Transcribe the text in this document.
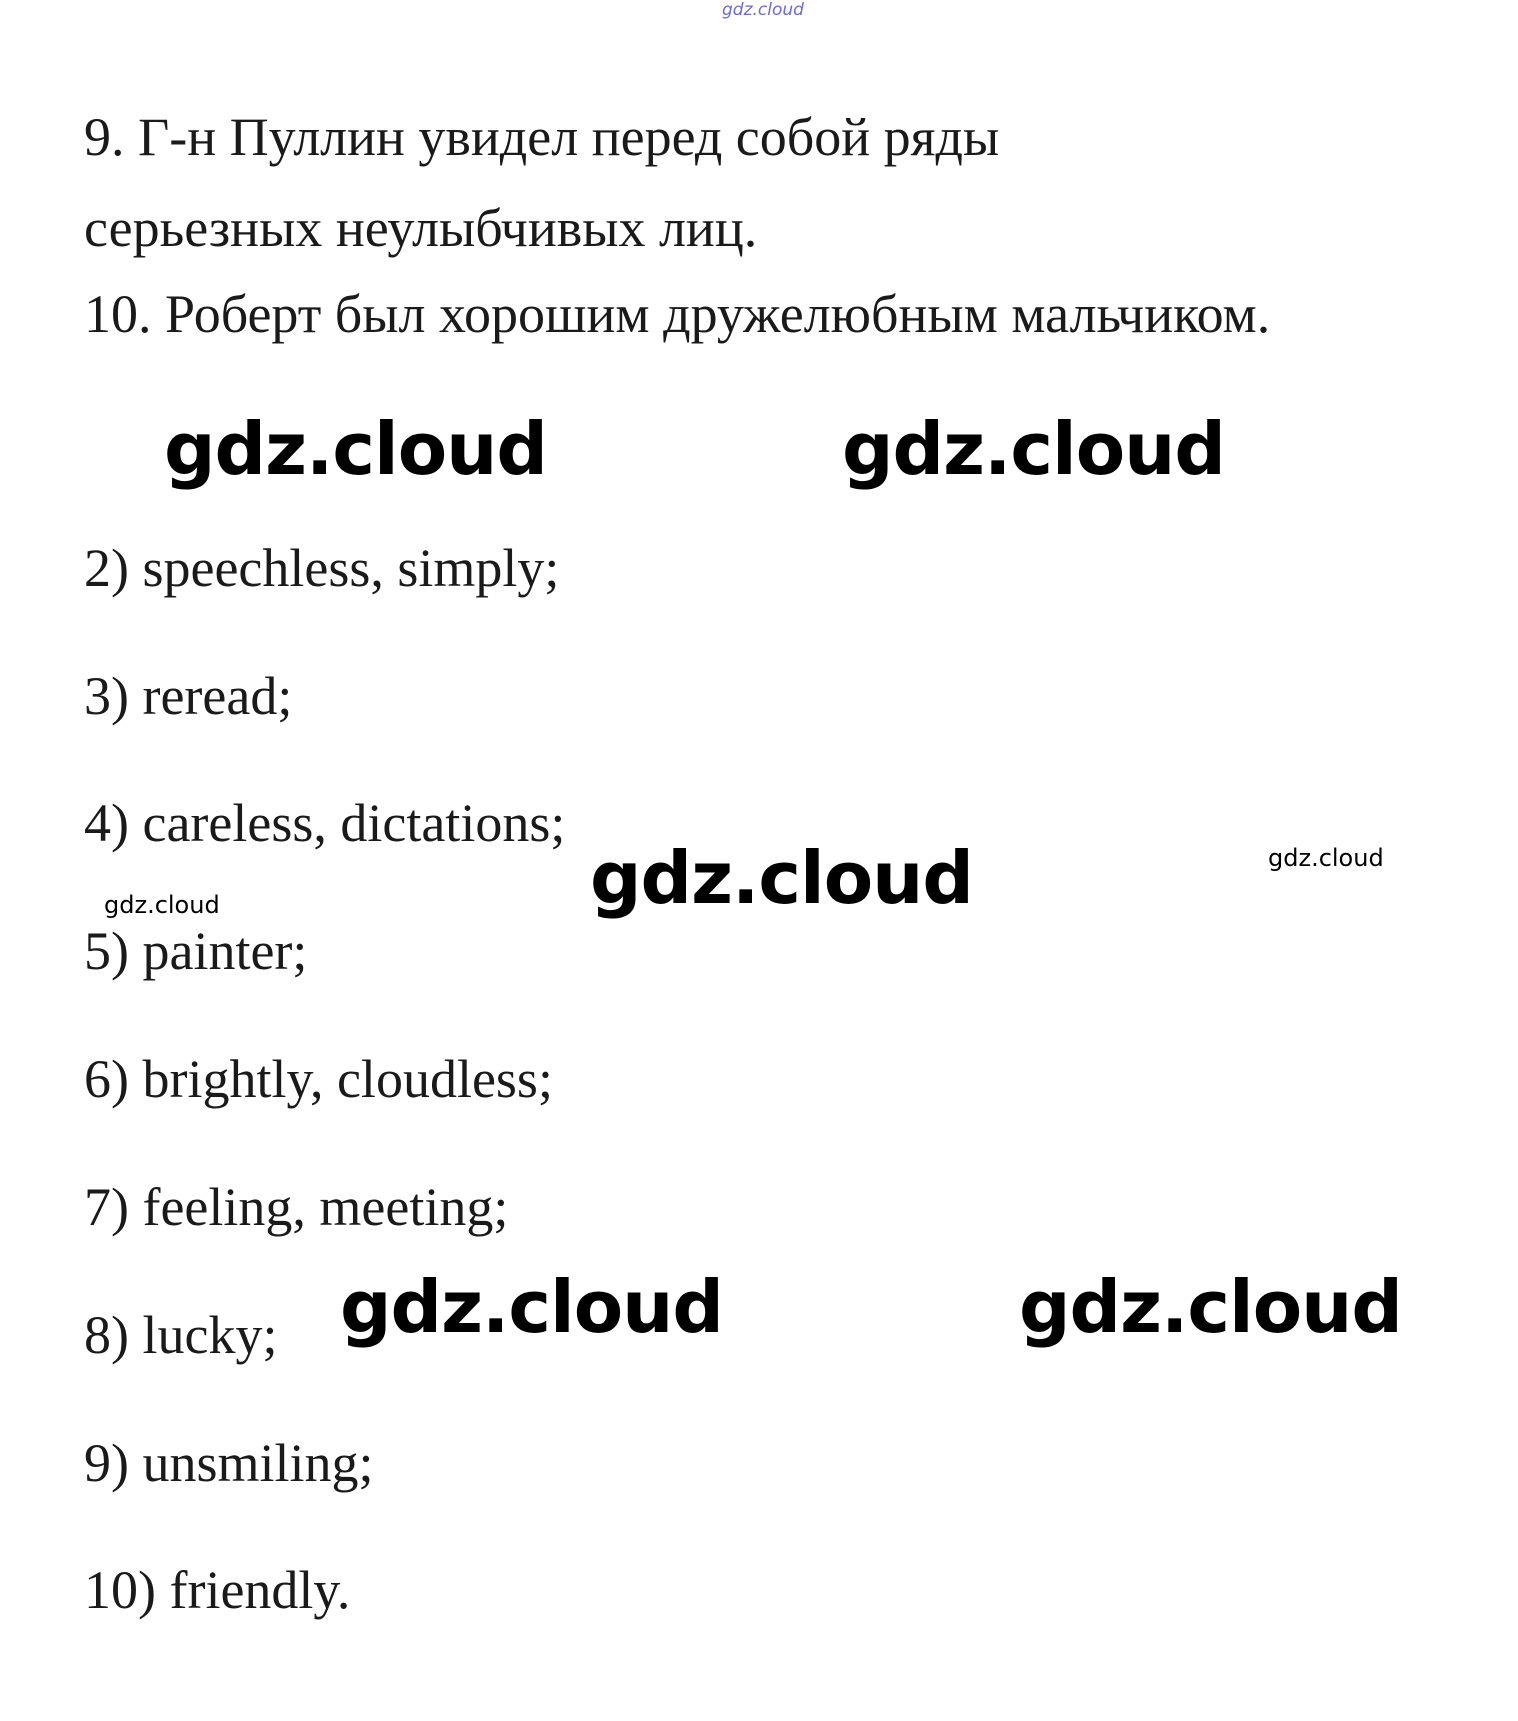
gdz.cloud
9. Г-н Пуллин увидел перед собой ряды
серьезных неулыбчивых лиц.
10. Роберт был хорошим дружелюбным мальчиком.
gdz.cloud	gdz.cloud
2) speechless, simply;
3) reread;
4) careless, dictations;
5) painter;
6) brightly, cloudless;
7) feeling, meeting;
8) lucky;
9) unsmiling;
10) friendly.
gdz.cloud	gdz.cloud
gdz.cloud
gdz.cloud	gdz.cloud
